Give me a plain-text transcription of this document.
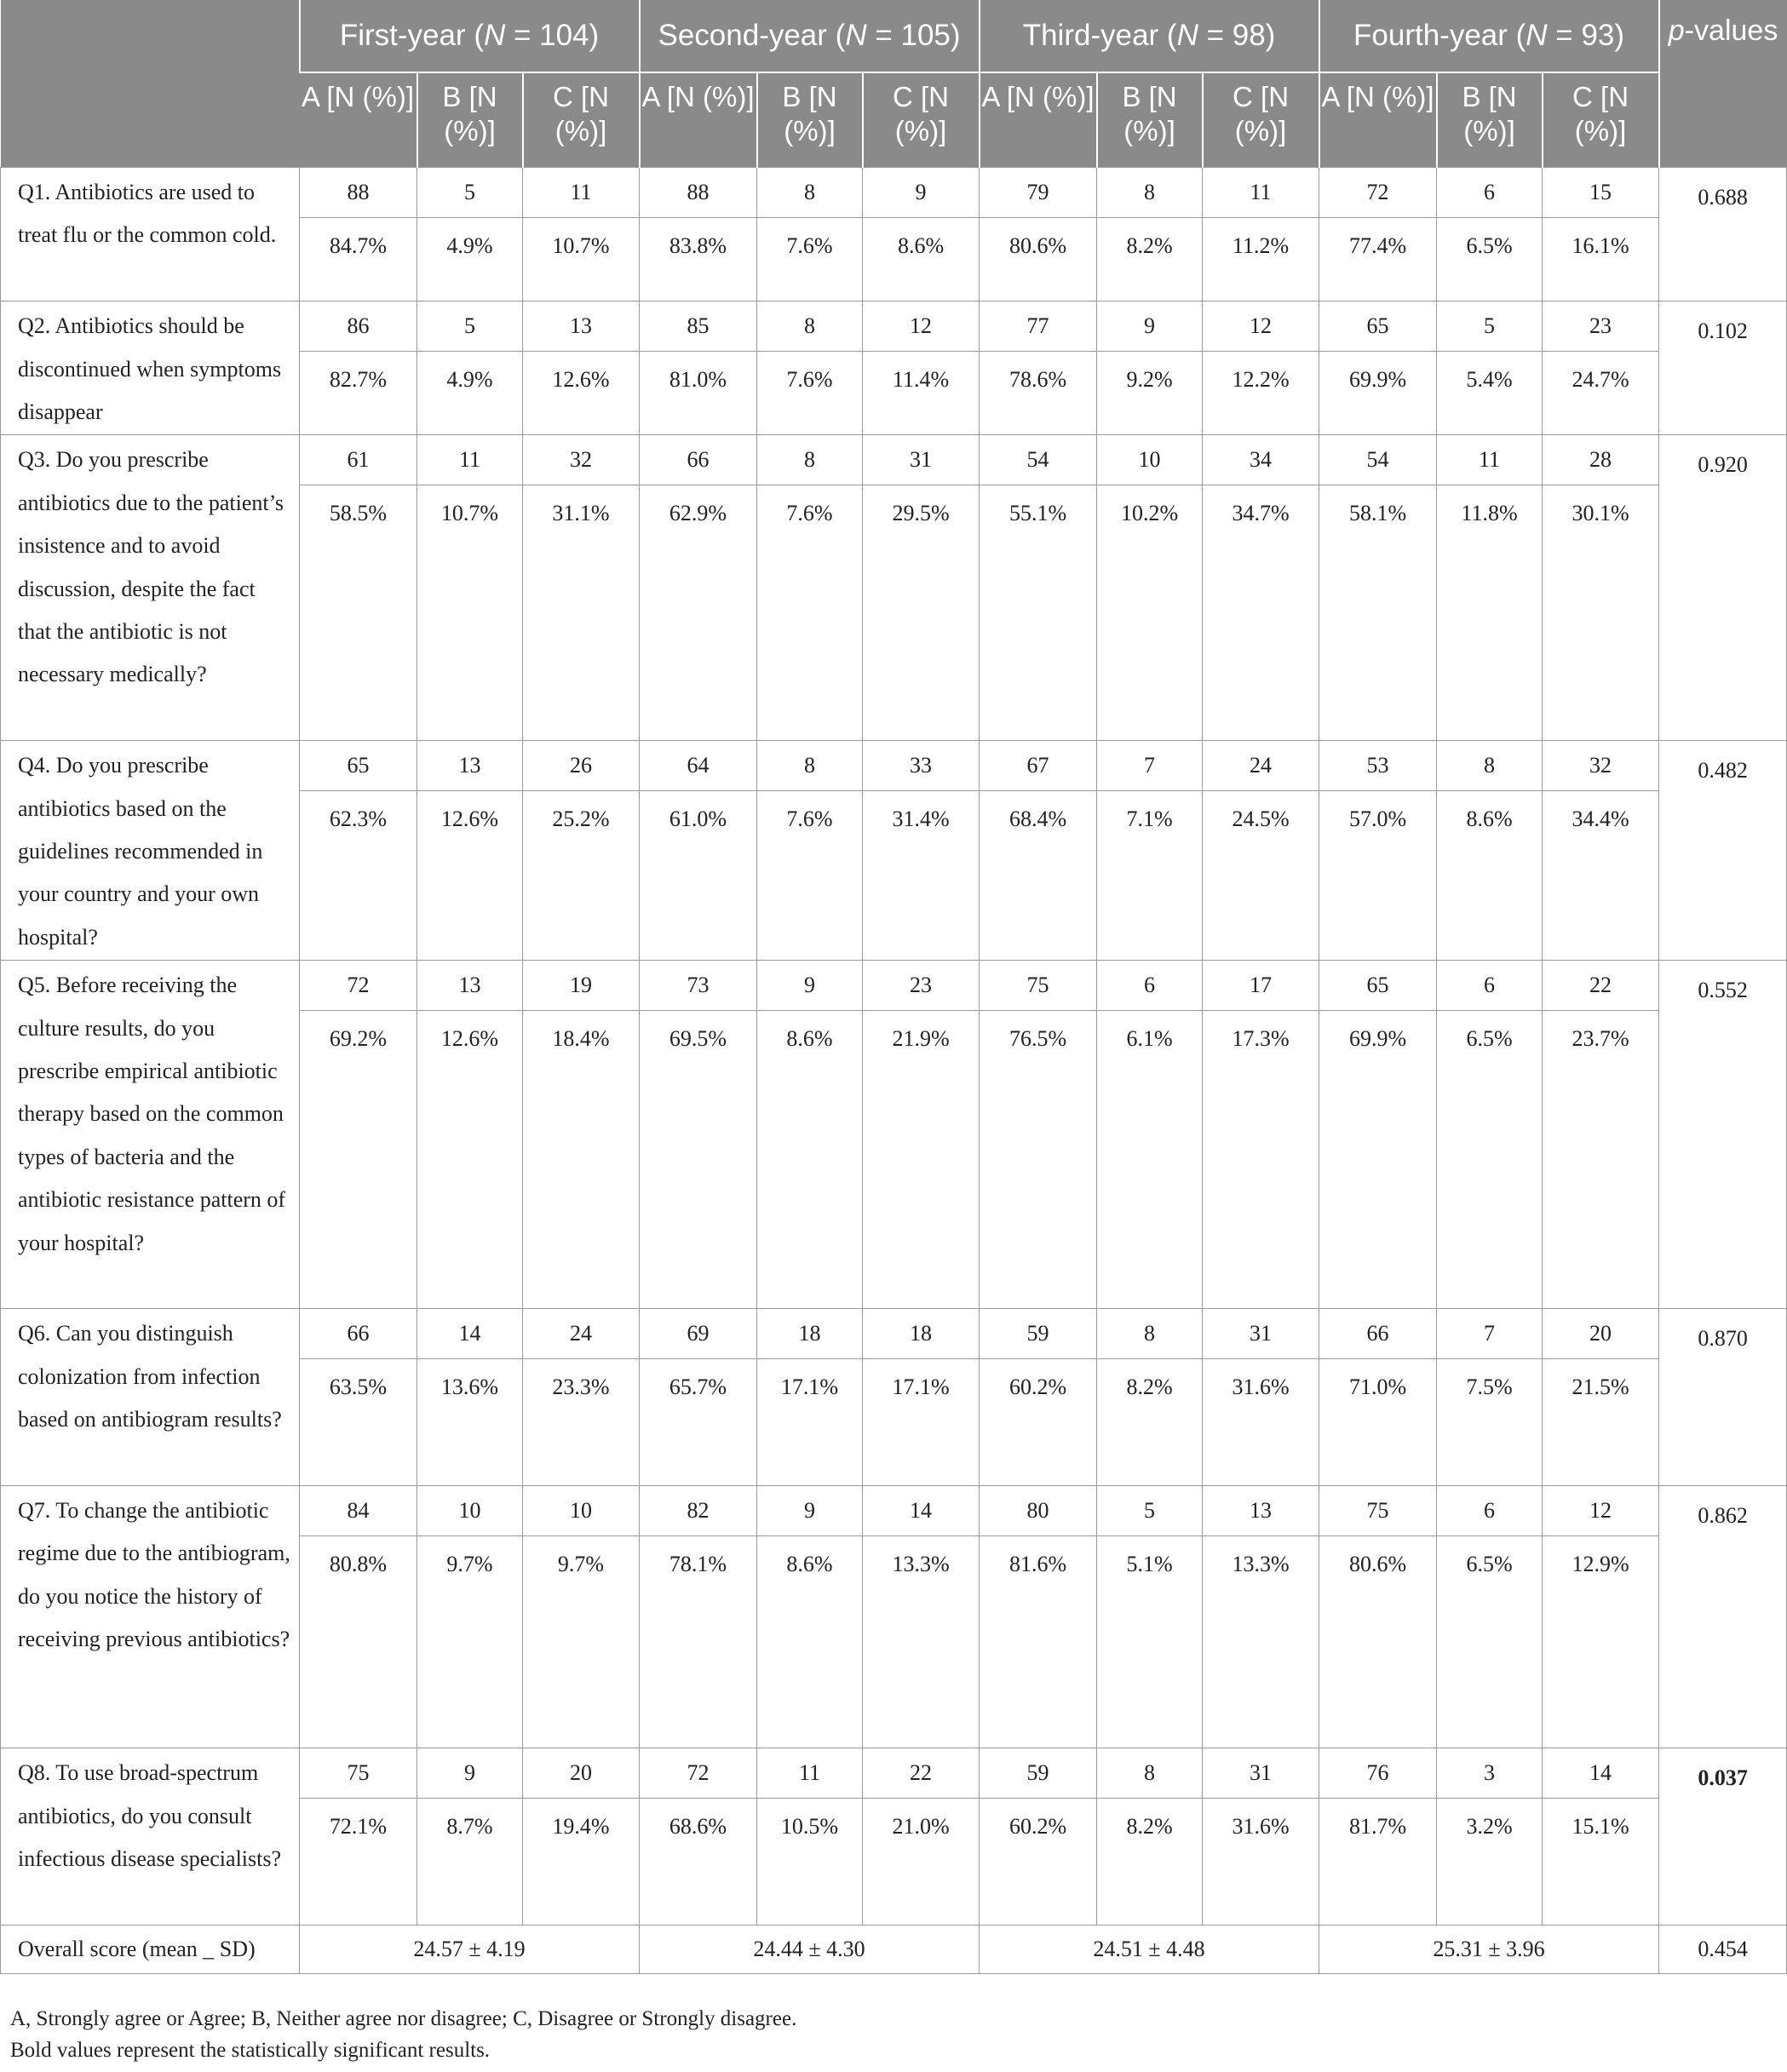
	First-year (N = 104)			Second-year (N = 105)			Third-year (N = 98)			Fourth-year (N = 93)			p-values
	A [N (%)]	B [N (%)]	C [N (%)]	A [N (%)]	B [N (%)]	C [N (%)]	A [N (%)]	B [N (%)]	C [N (%)]	A [N (%)]	B [N (%)]	C [N (%)]	
Q1. Antibiotics are used to treat flu or the common cold.	88	5	11	88	8	9	79	8	11	72	6	15	0.688
	84.7%	4.9%	10.7%	83.8%	7.6%	8.6%	80.6%	8.2%	11.2%	77.4%	6.5%	16.1%	
Q2. Antibiotics should be discontinued when symptoms disappear	86	5	13	85	8	12	77	9	12	65	5	23	0.102
	82.7%	4.9%	12.6%	81.0%	7.6%	11.4%	78.6%	9.2%	12.2%	69.9%	5.4%	24.7%	
Q3. Do you prescribe antibiotics due to the patient’s insistence and to avoid discussion, despite the fact that the antibiotic is not necessary medically?	61	11	32	66	8	31	54	10	34	54	11	28	0.920
	58.5%	10.7%	31.1%	62.9%	7.6%	29.5%	55.1%	10.2%	34.7%	58.1%	11.8%	30.1%	
Q4. Do you prescribe antibiotics based on the guidelines recommended in your country and your own hospital?	65	13	26	64	8	33	67	7	24	53	8	32	0.482
	62.3%	12.6%	25.2%	61.0%	7.6%	31.4%	68.4%	7.1%	24.5%	57.0%	8.6%	34.4%	
Q5. Before receiving the culture results, do you prescribe empirical antibiotic therapy based on the common types of bacteria and the antibiotic resistance pattern of your hospital?	72	13	19	73	9	23	75	6	17	65	6	22	0.552
	69.2%	12.6%	18.4%	69.5%	8.6%	21.9%	76.5%	6.1%	17.3%	69.9%	6.5%	23.7%	
Q6. Can you distinguish colonization from infection based on antibiogram results?	66	14	24	69	18	18	59	8	31	66	7	20	0.870
	63.5%	13.6%	23.3%	65.7%	17.1%	17.1%	60.2%	8.2%	31.6%	71.0%	7.5%	21.5%	
Q7. To change the antibiotic regime due to the antibiogram, do you notice the history of receiving previous antibiotics?	84	10	10	82	9	14	80	5	13	75	6	12	0.862
	80.8%	9.7%	9.7%	78.1%	8.6%	13.3%	81.6%	5.1%	13.3%	80.6%	6.5%	12.9%	
Q8. To use broad-spectrum antibiotics, do you consult infectious disease specialists?	75	9	20	72	11	22	59	8	31	76	3	14	0.037
	72.1%	8.7%	19.4%	68.6%	10.5%	21.0%	60.2%	8.2%	31.6%	81.7%	3.2%	15.1%	
Overall score (mean _ SD)	24.57 ± 4.19			24.44 ± 4.30			24.51 ± 4.48			25.31 ± 3.96			0.454
A, Strongly agree or Agree; B, Neither agree nor disagree; C, Disagree or Strongly disagree.
Bold values represent the statistically significant results.
